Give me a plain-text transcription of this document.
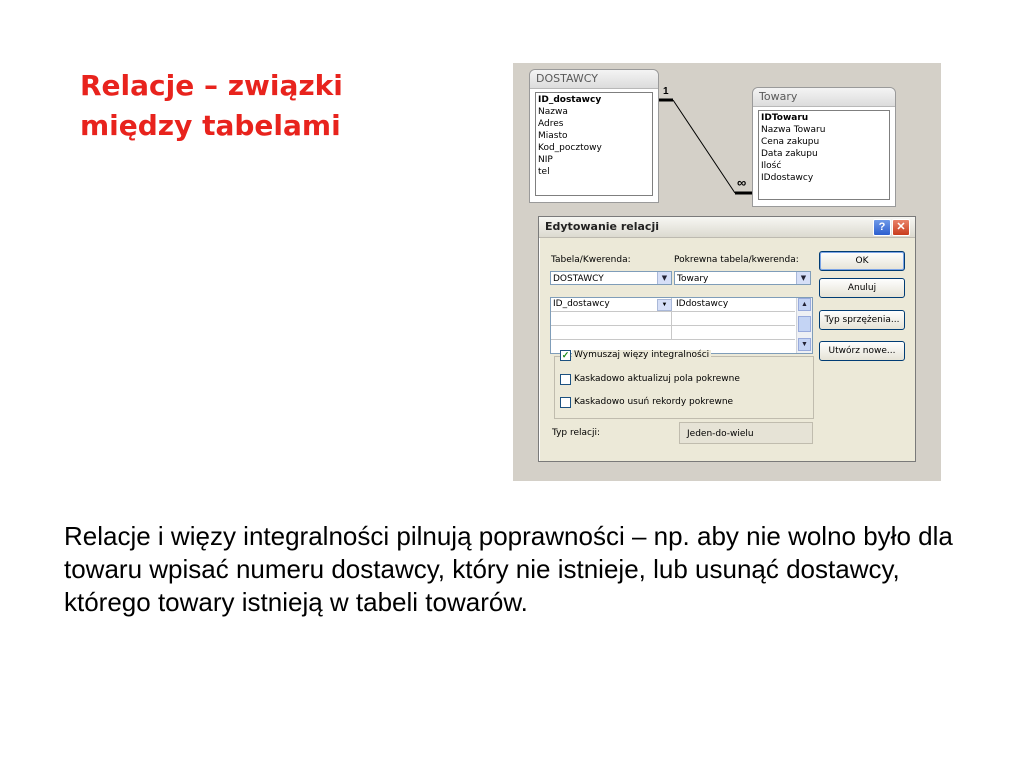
Relacje – związki między tabelami
1
∞
DOSTAWCY
ID_dostawcy
Nazwa
Adres
Miasto
Kod_pocztowy
NIP
tel
Towary
IDTowaru
Nazwa Towaru
Cena zakupu
Data zakupu
Ilość
IDdostawcy
Edytowanie relacji	?	✕
Tabela/Kwerenda:	Pokrewna tabela/kwerenda:
DOSTAWCY	▼	Towary	▼
ID_dostawcy	▼ IDdostawcy	▲
▼
✓ Wymuszaj więzy integralności
Kaskadowo aktualizuj pola pokrewne
Kaskadowo usuń rekordy pokrewne
Typ relacji:	Jeden-do-wielu
OK
Anuluj
Typ sprzężenia...
Utwórz nowe...

Relacje i więzy integralności pilnują poprawności – np. aby nie wolno było dla towaru wpisać numeru dostawcy, który nie istnieje, lub usunąć dostawcy, którego towary istnieją w tabeli towarów.
